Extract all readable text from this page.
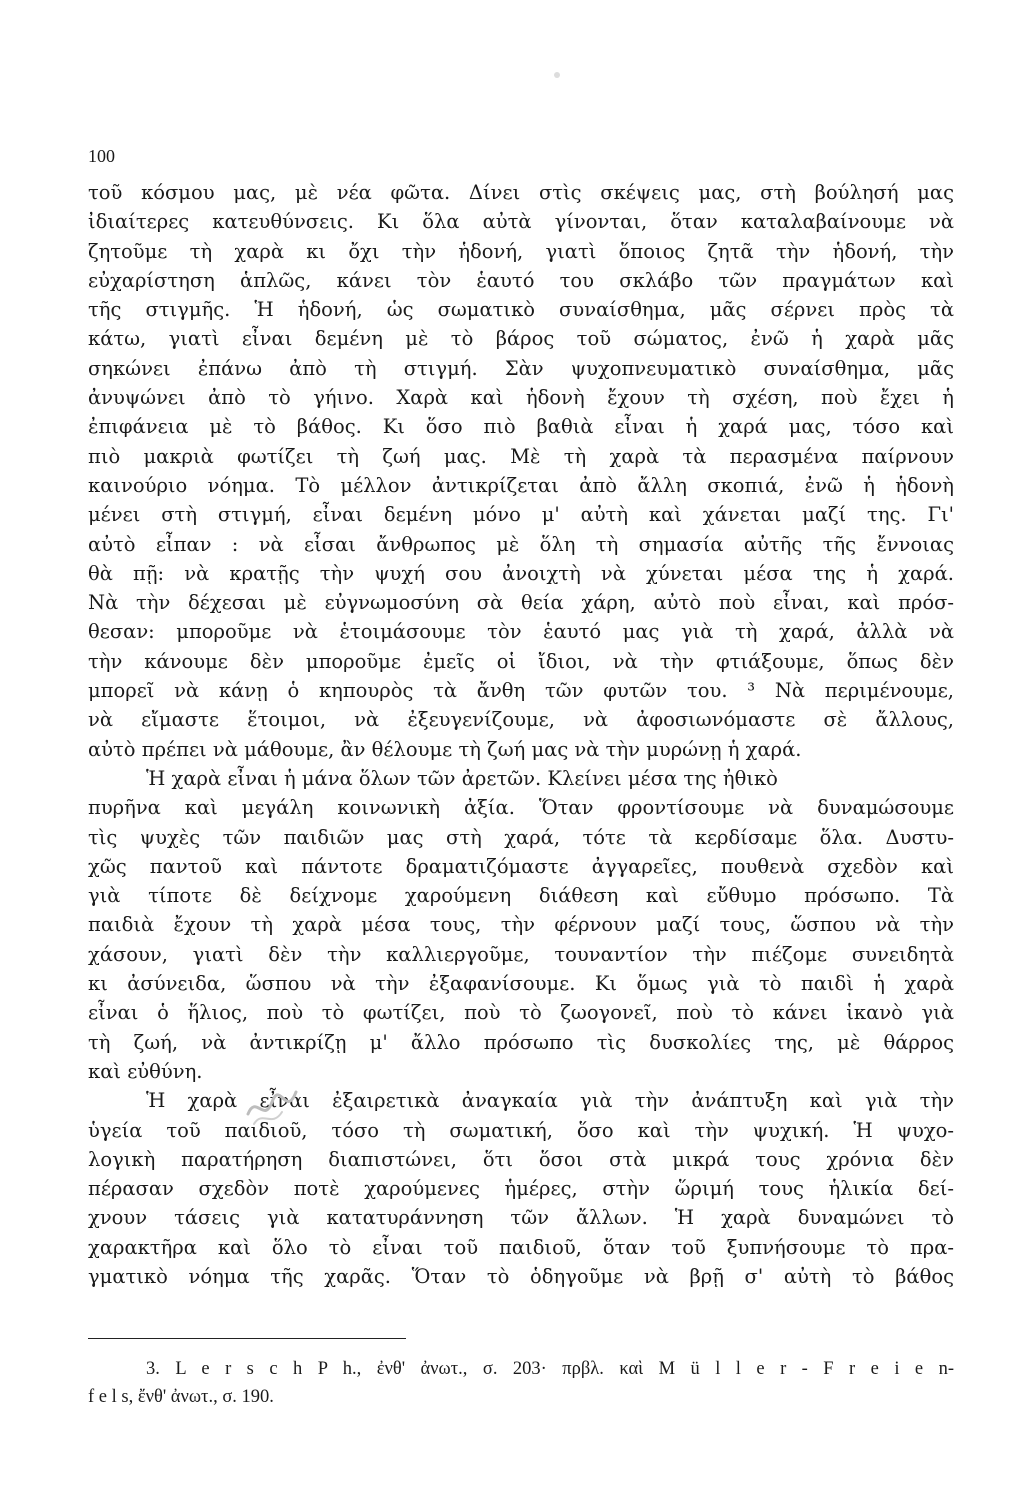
100
τοῦ κόσμου μας, μὲ νέα φῶτα. Δίνει στὶς σκέψεις μας, στὴ βούλησή μας
ἰδιαίτερες κατευθύνσεις. Κι ὅλα αὐτὰ γίνονται, ὅταν καταλαβαίνουμε νὰ
ζητοῦμε τὴ χαρὰ κι ὄχι τὴν ἡδονή, γιατὶ ὅποιος ζητᾶ τὴν ἡδονή, τὴν
εὐχαρίστηση ἁπλῶς, κάνει τὸν ἑαυτό του σκλάβο τῶν πραγμάτων καὶ
τῆς στιγμῆς. Ἡ ἡδονή, ὡς σωματικὸ συναίσθημα, μᾶς σέρνει πρὸς τὰ
κάτω, γιατὶ εἶναι δεμένη μὲ τὸ βάρος τοῦ σώματος, ἐνῶ ἡ χαρὰ μᾶς
σηκώνει ἐπάνω ἀπὸ τὴ στιγμή. Σὰν ψυχοπνευματικὸ συναίσθημα, μᾶς
ἀνυψώνει ἀπὸ τὸ γήινο. Χαρὰ καὶ ἡδονὴ ἔχουν τὴ σχέση, ποὺ ἔχει ἡ
ἐπιφάνεια μὲ τὸ βάθος. Κι ὅσο πιὸ βαθιὰ εἶναι ἡ χαρά μας, τόσο καὶ
πιὸ μακριὰ φωτίζει τὴ ζωή μας. Μὲ τὴ χαρὰ τὰ περασμένα παίρνουν
καινούριο νόημα. Τὸ μέλλον ἀντικρίζεται ἀπὸ ἄλλη σκοπιά, ἐνῶ ἡ ἡδονὴ
μένει στὴ στιγμή, εἶναι δεμένη μόνο μ' αὐτὴ καὶ χάνεται μαζί της. Γι'
αὐτὸ εἶπαν : νὰ εἶσαι ἄνθρωπος μὲ ὅλη τὴ σημασία αὐτῆς τῆς ἔννοιας
θὰ πῇ: νὰ κρατῇς τὴν ψυχή σου ἀνοιχτὴ νὰ χύνεται μέσα της ἡ χαρά.
Νὰ τὴν δέχεσαι μὲ εὐγνωμοσύνη σὰ θεία χάρη, αὐτὸ ποὺ εἶναι, καὶ πρόσ-
θεσαν: μποροῦμε νὰ ἑτοιμάσουμε τὸν ἑαυτό μας γιὰ τὴ χαρά, ἀλλὰ νὰ
τὴν κάνουμε δὲν μποροῦμε ἐμεῖς οἱ ἴδιοι, νὰ τὴν φτιάξουμε, ὅπως δὲν
μπορεῖ νὰ κάνῃ ὁ κηπουρὸς τὰ ἄνθη τῶν φυτῶν του. ³ Νὰ περιμένουμε,
νὰ εἴμαστε ἕτοιμοι, νὰ ἐξευγενίζουμε, νὰ ἀφοσιωνόμαστε σὲ ἄλλους,
αὐτὸ πρέπει νὰ μάθουμε, ἂν θέλουμε τὴ ζωή μας νὰ τὴν μυρώνῃ ἡ χαρά.
Ἡ χαρὰ εἶναι ἡ μάνα ὅλων τῶν ἀρετῶν. Κλείνει μέσα της ἠθικὸ
πυρῆνα καὶ μεγάλη κοινωνικὴ ἀξία. Ὅταν φροντίσουμε νὰ δυναμώσουμε
τὶς ψυχὲς τῶν παιδιῶν μας στὴ χαρά, τότε τὰ κερδίσαμε ὅλα. Δυστυ-
χῶς παντοῦ καὶ πάντοτε δραματιζόμαστε ἀγγαρεῖες, πουθενὰ σχεδὸν καὶ
γιὰ τίποτε δὲ δείχνομε χαρούμενη διάθεση καὶ εὔθυμο πρόσωπο. Τὰ
παιδιὰ ἔχουν τὴ χαρὰ μέσα τους, τὴν φέρνουν μαζί τους, ὥσπου νὰ τὴν
χάσουν, γιατὶ δὲν τὴν καλλιεργοῦμε, τουναντίον τὴν πιέζομε συνειδητὰ
κι ἀσύνειδα, ὥσπου νὰ τὴν ἐξαφανίσουμε. Κι ὅμως γιὰ τὸ παιδὶ ἡ χαρὰ
εἶναι ὁ ἥλιος, ποὺ τὸ φωτίζει, ποὺ τὸ ζωογονεῖ, ποὺ τὸ κάνει ἱκανὸ γιὰ
τὴ ζωή, νὰ ἀντικρίζῃ μ' ἄλλο πρόσωπο τὶς δυσκολίες της, μὲ θάρρος
καὶ εὐθύνη.
Ἡ χαρὰ εἶναι ἐξαιρετικὰ ἀναγκαία γιὰ τὴν ἀνάπτυξη καὶ γιὰ τὴν
ὑγεία τοῦ παιδιοῦ, τόσο τὴ σωματική, ὅσο καὶ τὴν ψυχική. Ἡ ψυχο-
λογικὴ παρατήρηση διαπιστώνει, ὅτι ὅσοι στὰ μικρά τους χρόνια δὲν
πέρασαν σχεδὸν ποτὲ χαρούμενες ἡμέρες, στὴν ὥριμή τους ἡλικία δεί-
χνουν τάσεις γιὰ κατατυράννηση τῶν ἄλλων. Ἡ χαρὰ δυναμώνει τὸ
χαρακτῆρα καὶ ὅλο τὸ εἶναι τοῦ παιδιοῦ, ὅταν τοῦ ξυπνήσουμε τὸ πρα-
γματικὸ νόημα τῆς χαρᾶς. Ὅταν τὸ ὁδηγοῦμε νὰ βρῇ σ' αὐτὴ τὸ βάθος
3. L e r s c h P h., ἐνθ' ἀνωτ., σ. 203· πρβλ. καὶ M ü l l e r - F r e i e n-
f e l s, ἔνθ' ἀνωτ., σ. 190.
